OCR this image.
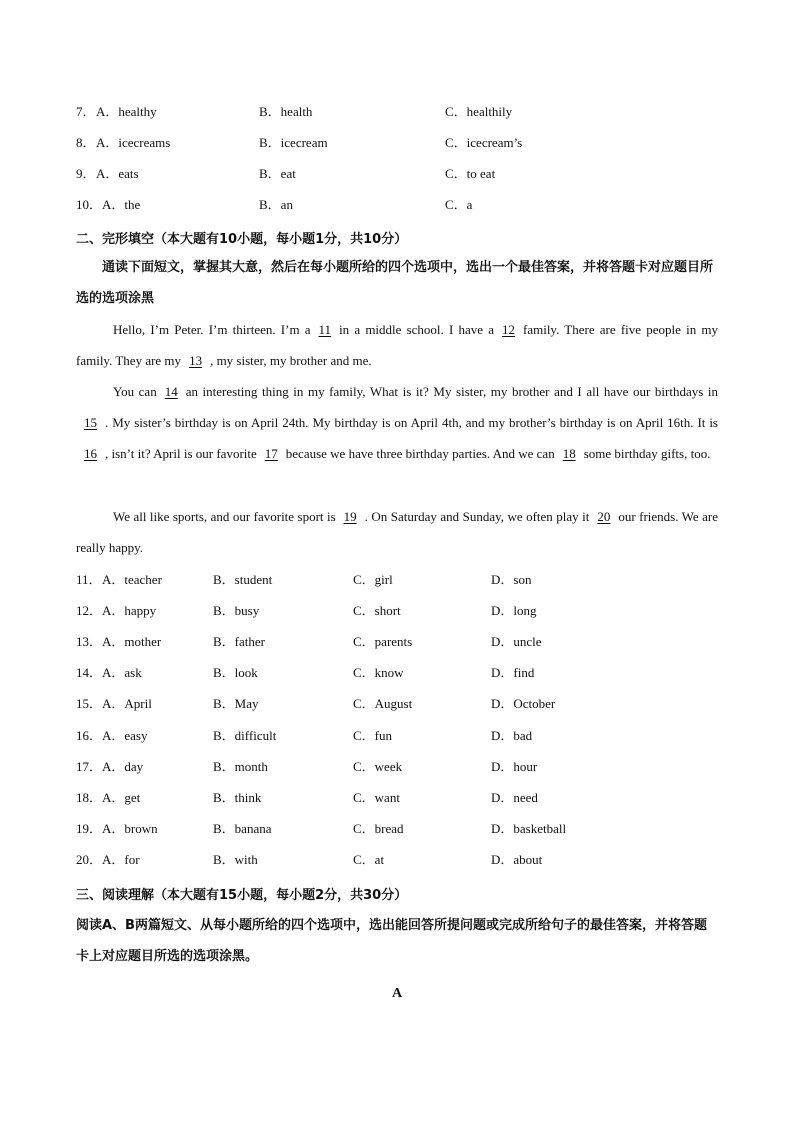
7． A．healthy	B．health	C．healthily
8． A．icecreams	B．icecream	C．icecream’s
9． A．eats	B．eat	C．to eat
10． A．the	B．an	C．a
二、完形填空（本大题有10小题，每小题1分，共10分）
通读下面短文，掌握其大意，然后在每小题所给的四个选项中，选出一个最佳答案，并将答题卡对应题目所选的选项涂黑
Hello, I’m Peter. I’m thirteen. I’m a 11 in a middle school. I have a 12 family. There are five people in my family. They are my 13 , my sister, my brother and me.
You can 14 an interesting thing in my family, What is it? My sister, my brother and I all have our birthdays in15 . My sister’s birthday is on April 24th. My birthday is on April 4th, and my brother’s birthday is on April 16th. It is16 , isn’t it? April is our favorite 17 because we have three birthday parties. And we can 18 some birthday gifts, too.
We all like sports, and our favorite sport is 19 . On Saturday and Sunday, we often play it 20 our friends. We are really happy.
11． A．teacher	B．student	C．girl	D．son
12． A．happy	B．busy	C．short	D．long
13． A．mother	B．father	C．parents	D．uncle
14． A．ask	B．look	C．know	D．find
15． A．April	B．May	C．August	D．October
16． A．easy	B．difficult	C．fun	D．bad
17． A．day	B．month	C．week	D．hour
18． A．get	B．think	C．want	D．need
19． A．brown	B．banana	C．bread	D．basketball
20． A．for	B．with	C．at	D．about
三、阅读理解（本大题有15小题，每小题2分，共30分）
阅读A、B两篇短文、从每小题所给的四个选项中，选出能回答所提问题或完成所给句子的最佳答案，并将答题卡上对应题目所选的选项涂黑。
A
